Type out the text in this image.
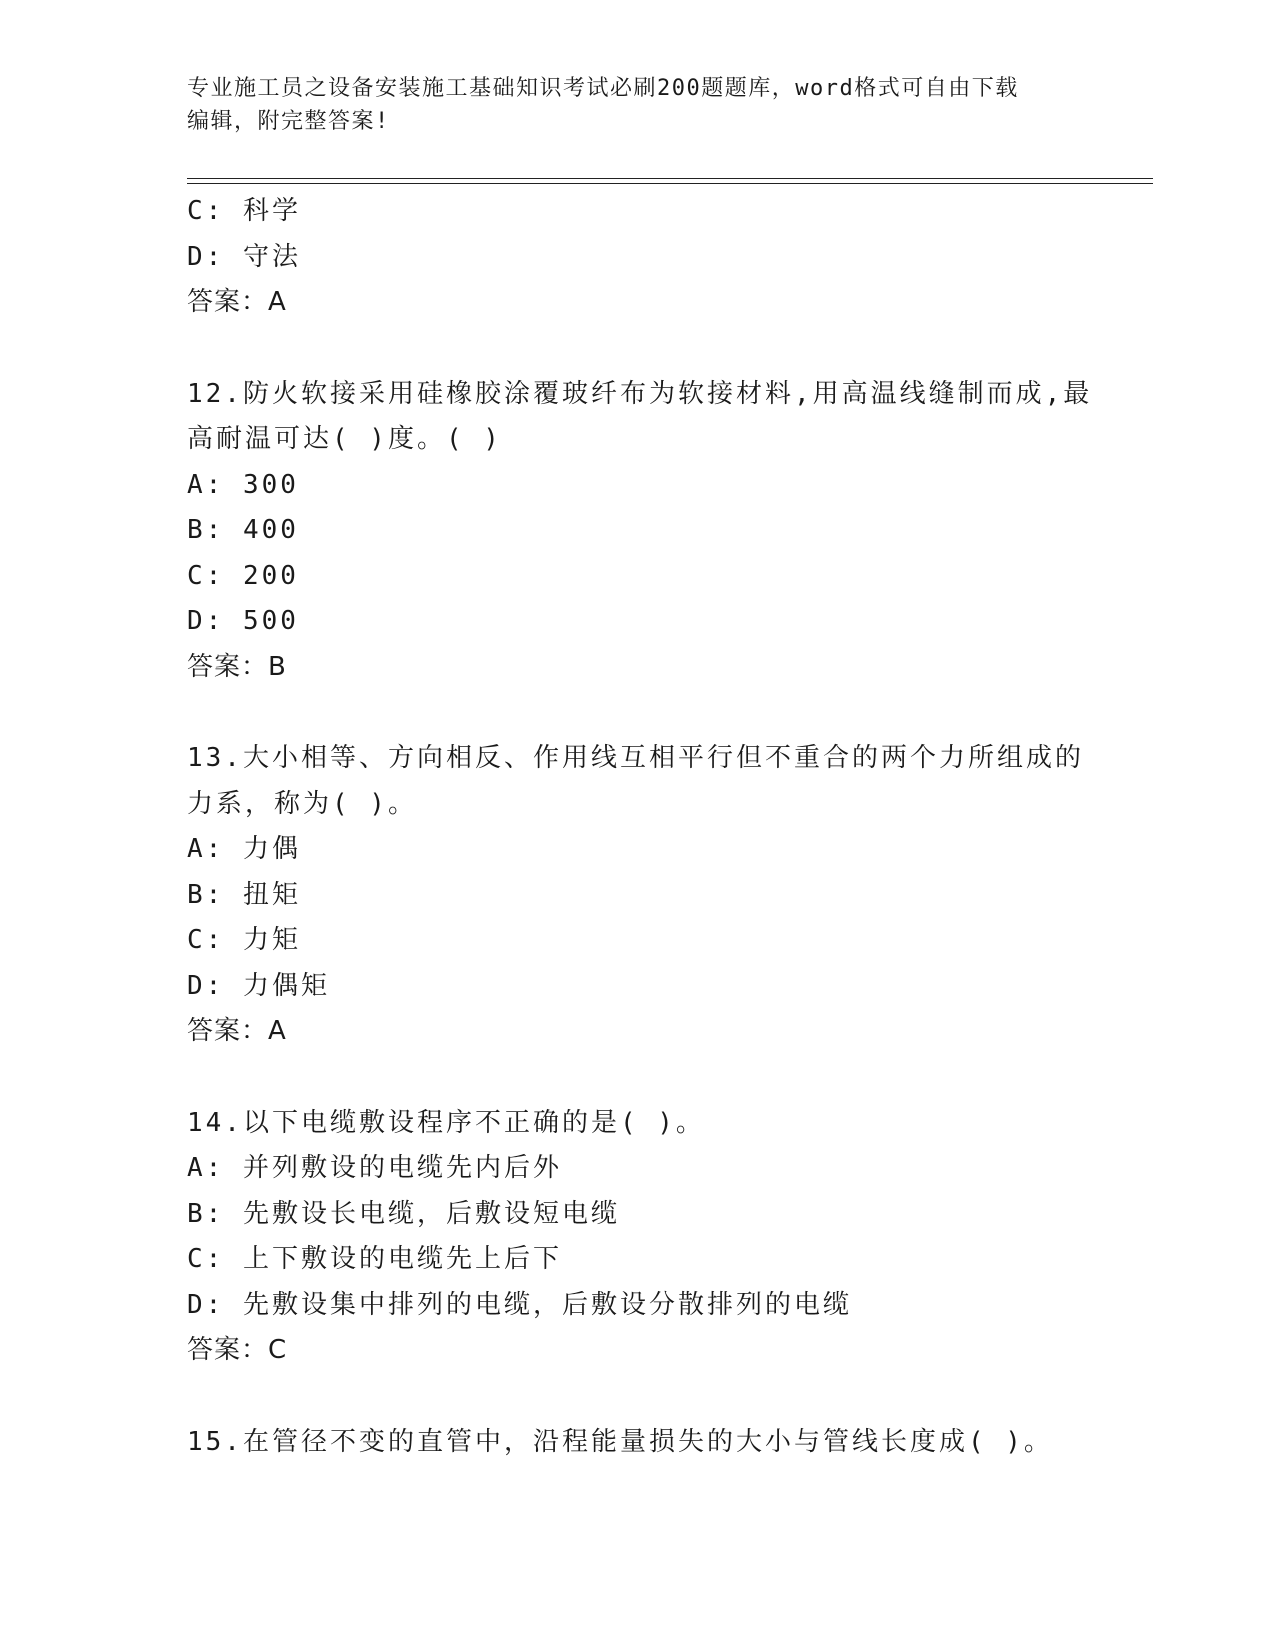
专业施工员之设备安装施工基础知识考试必刷200题题库，word格式可自由下载
编辑，附完整答案!
C: 科学
D: 守法
答案：A
12.防火软接采用硅橡胶涂覆玻纤布为软接材料,用高温线缝制而成,最
高耐温可达( )度。( )
A: 300
B: 400
C: 200
D: 500
答案：B
13.大小相等、方向相反、作用线互相平行但不重合的两个力所组成的
力系，称为( )。
A: 力偶
B: 扭矩
C: 力矩
D: 力偶矩
答案：A
14.以下电缆敷设程序不正确的是( )。
A: 并列敷设的电缆先内后外
B: 先敷设长电缆，后敷设短电缆
C: 上下敷设的电缆先上后下
D: 先敷设集中排列的电缆，后敷设分散排列的电缆
答案：C
15.在管径不变的直管中，沿程能量损失的大小与管线长度成( )。
